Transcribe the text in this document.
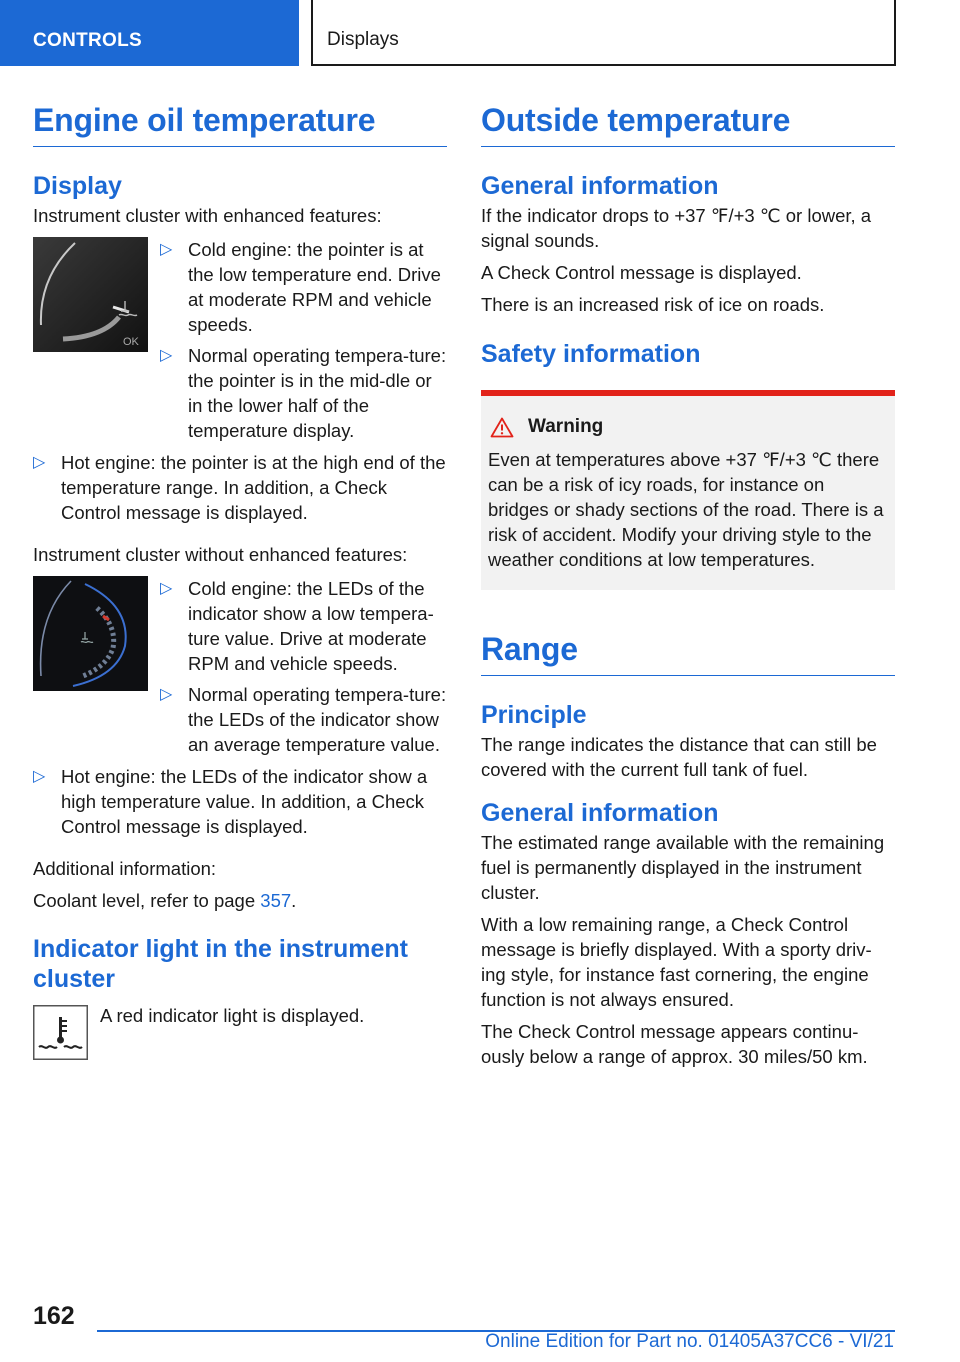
CONTROLS	Displays
Engine oil temperature
Display

Instrument cluster with enhanced features:

OK
▷ Cold engine: the pointer is at the low temperature end. Drive at moderate RPM and vehicle speeds.
▷ Normal operating tempera-ture: the pointer is in the mid-dle or in the lower half of the temperature display.
▷ Hot engine: the pointer is at the high end of the temperature range. In addition, a Check Control message is displayed.

Instrument cluster without enhanced features:

▷ Cold engine: the LEDs of the indicator show a low tempera-ture value. Drive at moderate RPM and vehicle speeds.
▷ Normal operating tempera-ture: the LEDs of the indicator show an average temperature value.
▷ Hot engine: the LEDs of the indicator show a high temperature value. In addition, a Check Control message is displayed.

Additional information:

Coolant level, refer to page 357.

Indicator light in the instrument cluster

A red indicator light is displayed.

Outside temperature
General information

If the indicator drops to +37 ℉/+3 ℃ or lower, a signal sounds.

A Check Control message is displayed.

There is an increased risk of ice on roads.

Safety information
Warning

Even at temperatures above +37 ℉/+3 ℃ there can be a risk of icy roads, for instance on bridges or shady sections of the road. There is a risk of accident. Modify your driving style to the weather conditions at low temperatures.

Range
Principle

The range indicates the distance that can still be covered with the current full tank of fuel.

General information

The estimated range available with the remaining fuel is permanently displayed in the instrument cluster.

With a low remaining range, a Check Control message is briefly displayed. With a sporty driv-ing style, for instance fast cornering, the engine function is not always ensured.

The Check Control message appears continu-ously below a range of approx. 30 miles/50 km.

162
Online Edition for Part no. 01405A37CC6 - VI/21
